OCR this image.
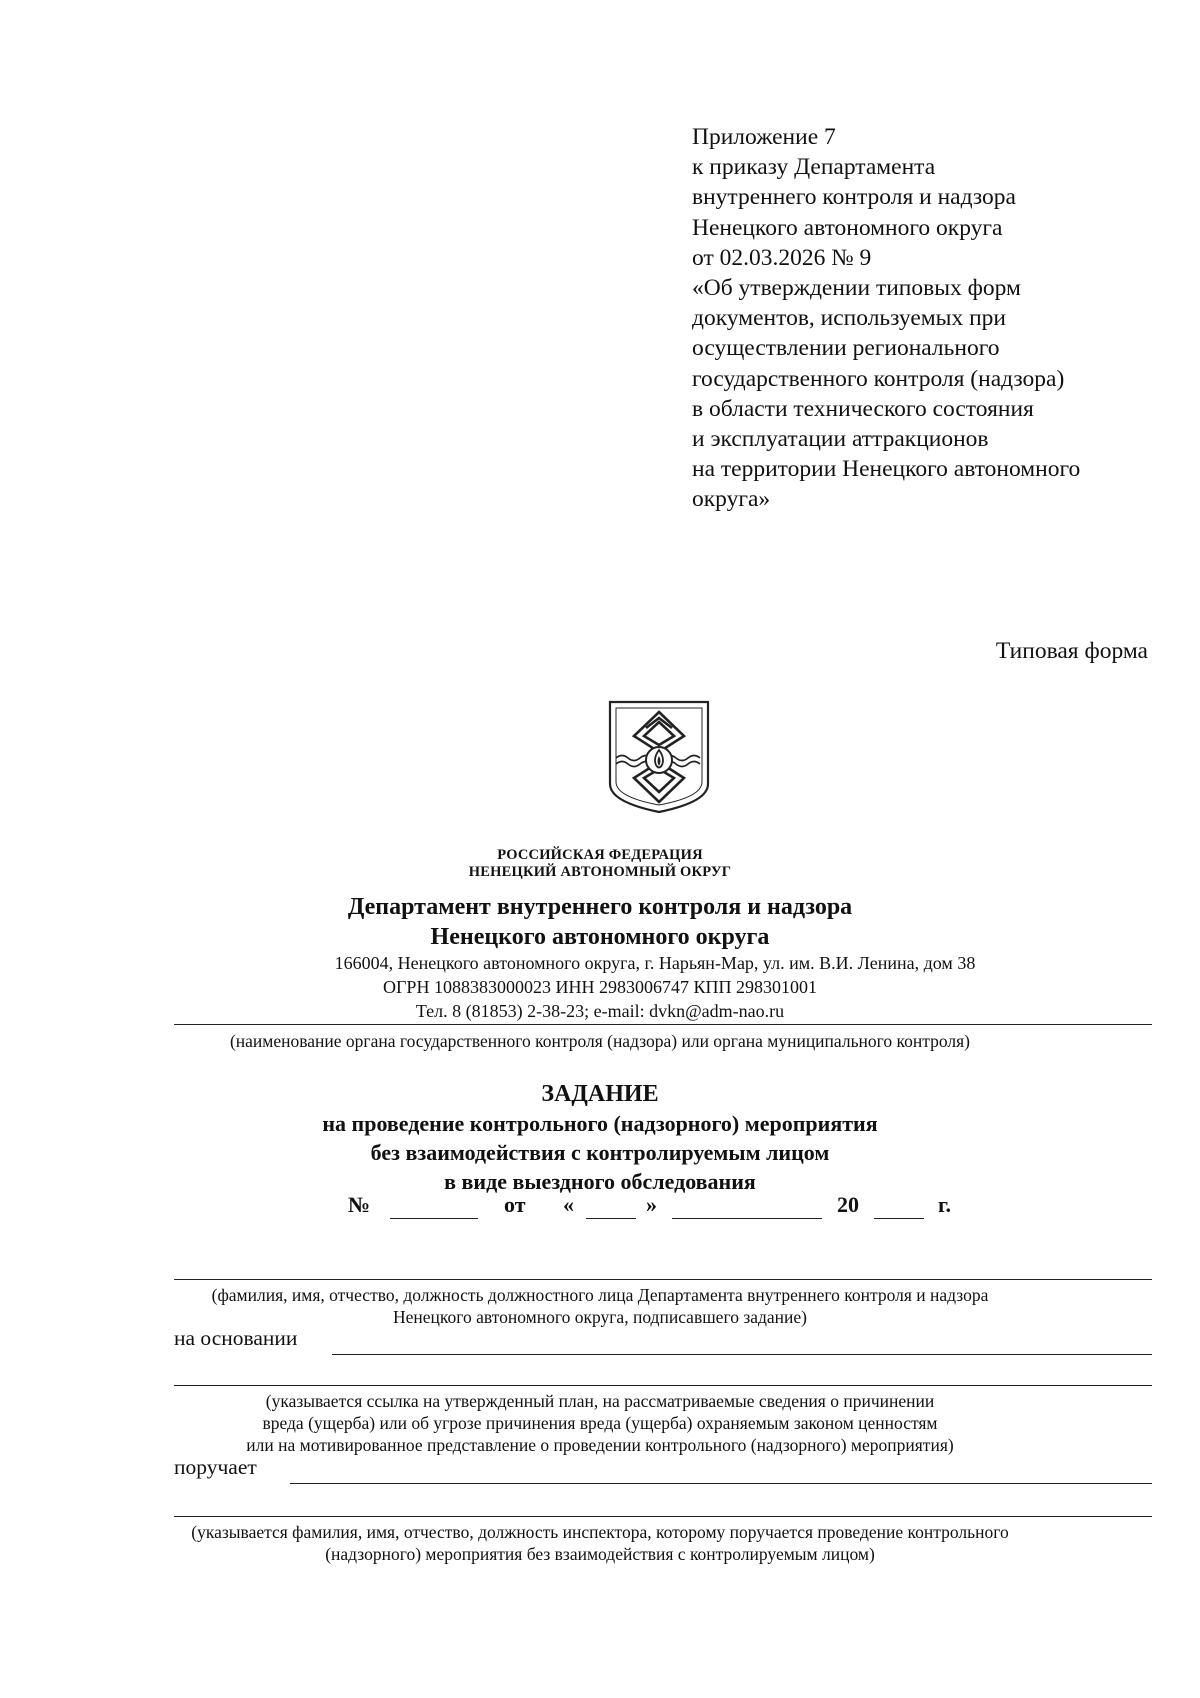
Приложение 7
к приказу Департамента
внутреннего контроля и надзора
Ненецкого автономного округа
от 02.03.2026 № 9
«Об утверждении типовых форм
документов, используемых при
осуществлении регионального
государственного контроля (надзора)
в области технического состояния
и эксплуатации аттракционов
на территории Ненецкого автономного
округа»
Типовая форма
РОССИЙСКАЯ ФЕДЕРАЦИЯ
НЕНЕЦКИЙ АВТОНОМНЫЙ ОКРУГ
Департамент внутреннего контроля и надзора
Ненецкого автономного округа
166004, Ненецкого автономного округа, г. Нарьян-Мар, ул. им. В.И. Ленина, дом 38
ОГРН 1088383000023 ИНН 2983006747 КПП 298301001
Тел. 8 (81853) 2-38-23; e-mail: dvkn@adm-nao.ru
(наименование органа государственного контроля (надзора) или органа муниципального контроля)
ЗАДАНИЕ
на проведение контрольного (надзорного) мероприятия
без взаимодействия с контролируемым лицом
в виде выездного обследования
№	от «	»	20	г.
(фамилия, имя, отчество, должность должностного лица Департамента внутреннего контроля и надзора
Ненецкого автономного округа, подписавшего задание)
на основании
(указывается ссылка на утвержденный план, на рассматриваемые сведения о причинении
вреда (ущерба) или об угрозе причинения вреда (ущерба) охраняемым законом ценностям
или на мотивированное представление о проведении контрольного (надзорного) мероприятия)
поручает
(указывается фамилия, имя, отчество, должность инспектора, которому поручается проведение контрольного
(надзорного) мероприятия без взаимодействия с контролируемым лицом)
